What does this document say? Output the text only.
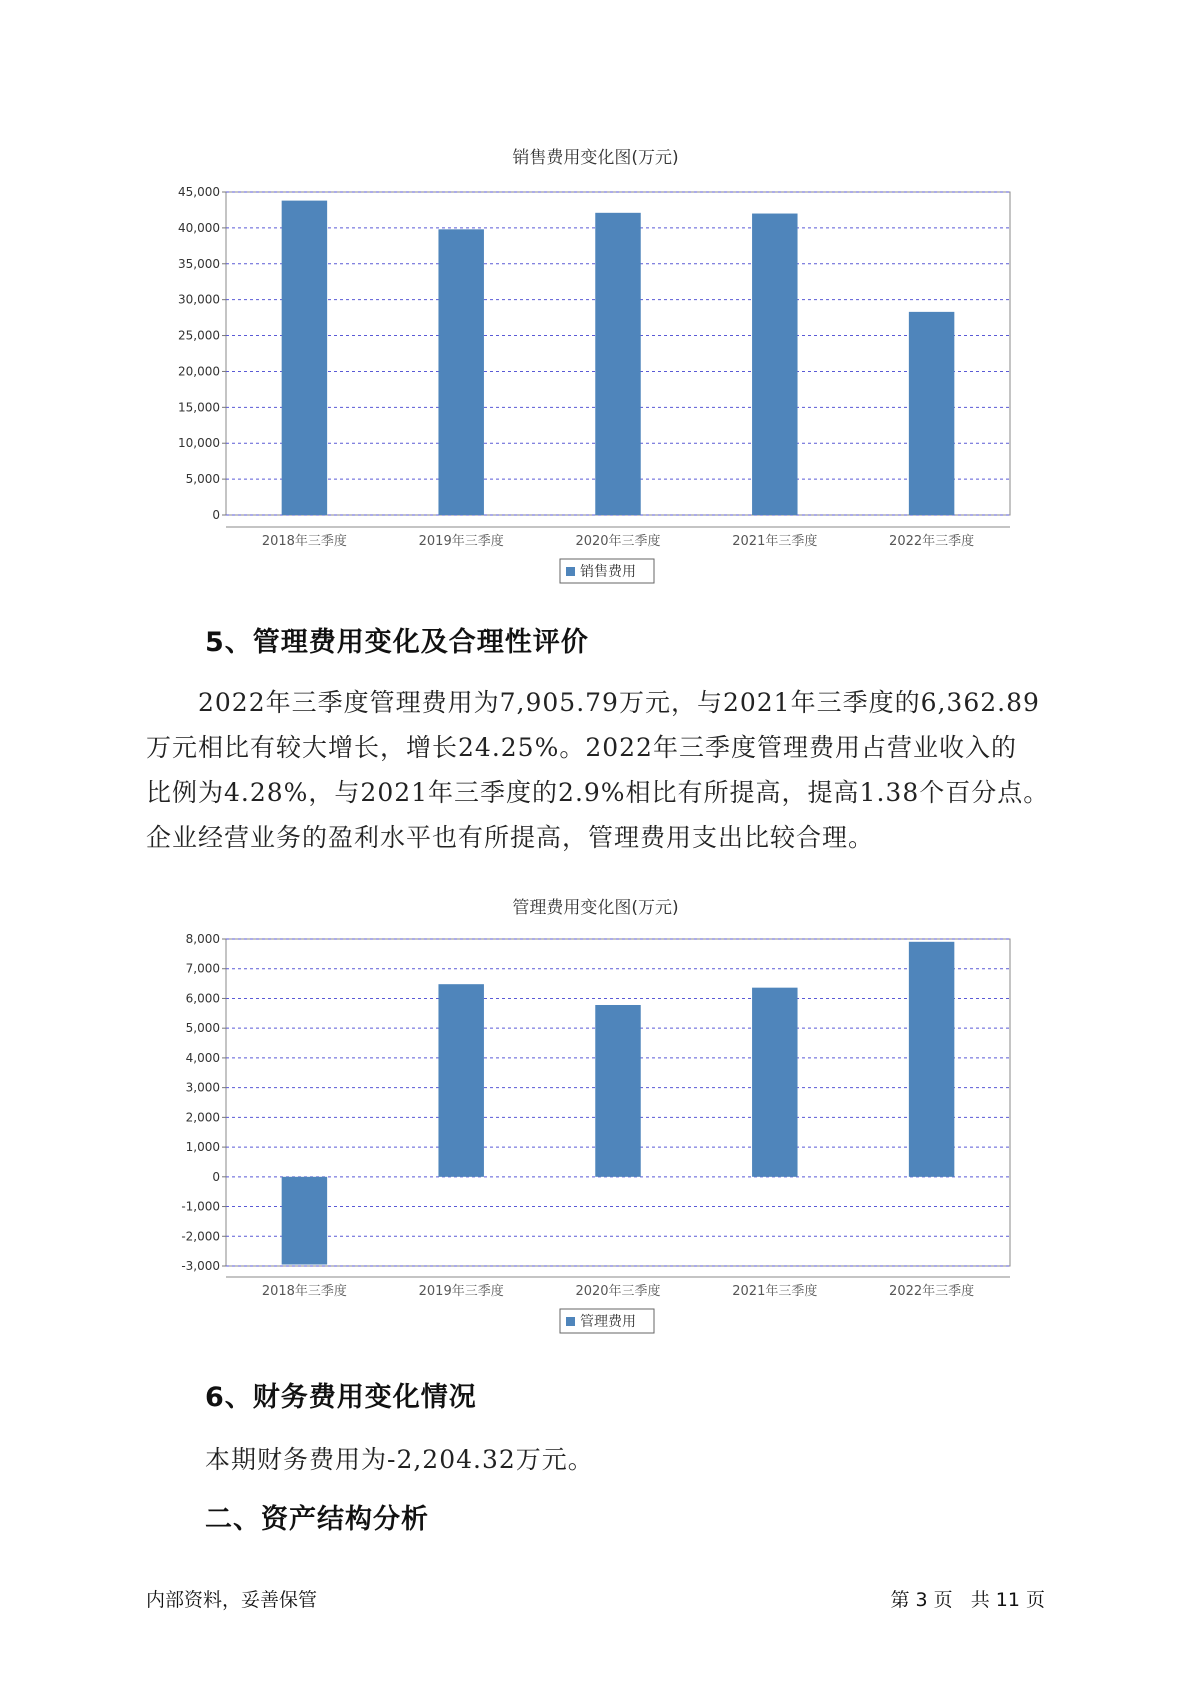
销售费用变化图(万元)
0
5,000
10,000
15,000
20,000
25,000
30,000
35,000
40,000
45,000
2018年三季度	2019年三季度	2020年三季度	2021年三季度	2022年三季度
销售费用
5、管理费用变化及合理性评价
2022年三季度管理费用为7,905.79万元，与2021年三季度的6,362.89
万元相比有较大增长，增长24.25%。2022年三季度管理费用占营业收入的
比例为4.28%，与2021年三季度的2.9%相比有所提高，提高1.38个百分点。
企业经营业务的盈利水平也有所提高，管理费用支出比较合理。
管理费用变化图(万元)
-3,000
-2,000
-1,000
0
1,000
2,000
3,000
4,000
5,000
6,000
7,000
8,000
2018年三季度	2019年三季度	2020年三季度	2021年三季度	2022年三季度
管理费用
6、财务费用变化情况
本期财务费用为-2,204.32万元。
二、资产结构分析
内部资料，妥善保管	第 3 页   共 11 页
